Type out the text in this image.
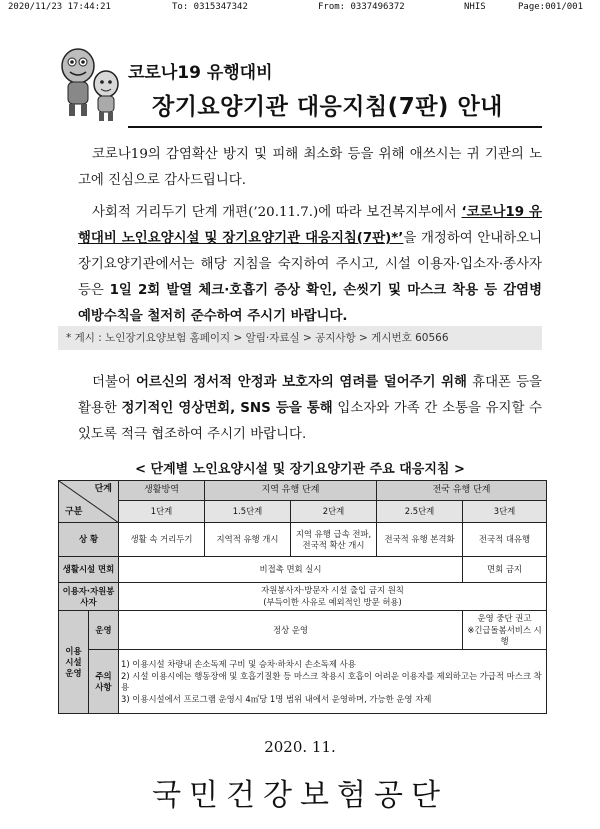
2020/11/23 17:44:21	To: 0315347342	From: 0337496372	NHIS	Page:001/001
코로나19 유행대비
장기요양기관 대응지침(7판) 안내
코로나19의 감염확산 방지 및 피해 최소화 등을 위해 애쓰시는 귀 기관의 노고에 진심으로 감사드립니다.
사회적 거리두기 단계 개편(’20.11.7.)에 따라 보건복지부에서 ‘코로나19 유행대비 노인요양시설 및 장기요양기관 대응지침(7판)*’을 개정하여 안내하오니 장기요양기관에서는 해당 지침을 숙지하여 주시고, 시설 이용자·입소자·종사자 등은 1일 2회 발열 체크·호흡기 증상 확인, 손씻기 및 마스크 착용 등 감염병 예방수칙을 철저히 준수하여 주시기 바랍니다.
* 게시 : 노인장기요양보험 홈페이지 > 알림·자료실 > 공지사항 > 게시번호 60566
더불어 어르신의 정서적 안정과 보호자의 염려를 덜어주기 위해 휴대폰 등을 활용한 정기적인 영상면회, SNS 등을 통해 입소자와 가족 간 소통을 유지할 수 있도록 적극 협조하여 주시기 바랍니다.
< 단계별 노인요양시설 및 장기요양기관 주요 대응지침 >
단계
구분		생활방역	지역 유행 단계		전국 유행 단계	
		1단계	1.5단계	2단계	2.5단계	3단계
상 황		생활 속 거리두기	지역적 유행 개시	지역 유행 급속 전파, 전국적 확산 개시	전국적 유행 본격화	전국적 대유행
생활시설 면회		비접촉 면회 실시				면회 금지
이용자·자원봉사자		자원봉사자·방문자 시설 출입 금지 원칙
(부득이한 사유로 예외적인 방문 허용)				

이용 시설 운영	운영	정상 운영				운영 중단 권고
※긴급돌봄서비스 시행

	주의 사항	1) 이용시설 차량내 손소독제 구비 및 승차·하차시 손소독제 사용
2) 시설 이용시에는 행동장애 및 호흡기질환 등 마스크 착용시 호흡이 어려운 이용자를 제외하고는 가급적 마스크 착용
3) 이용시설에서 프로그램 운영시 4㎡당 1명 범위 내에서 운영하며, 가능한 운영 자제				
2020. 11.
국민건강보험공단
